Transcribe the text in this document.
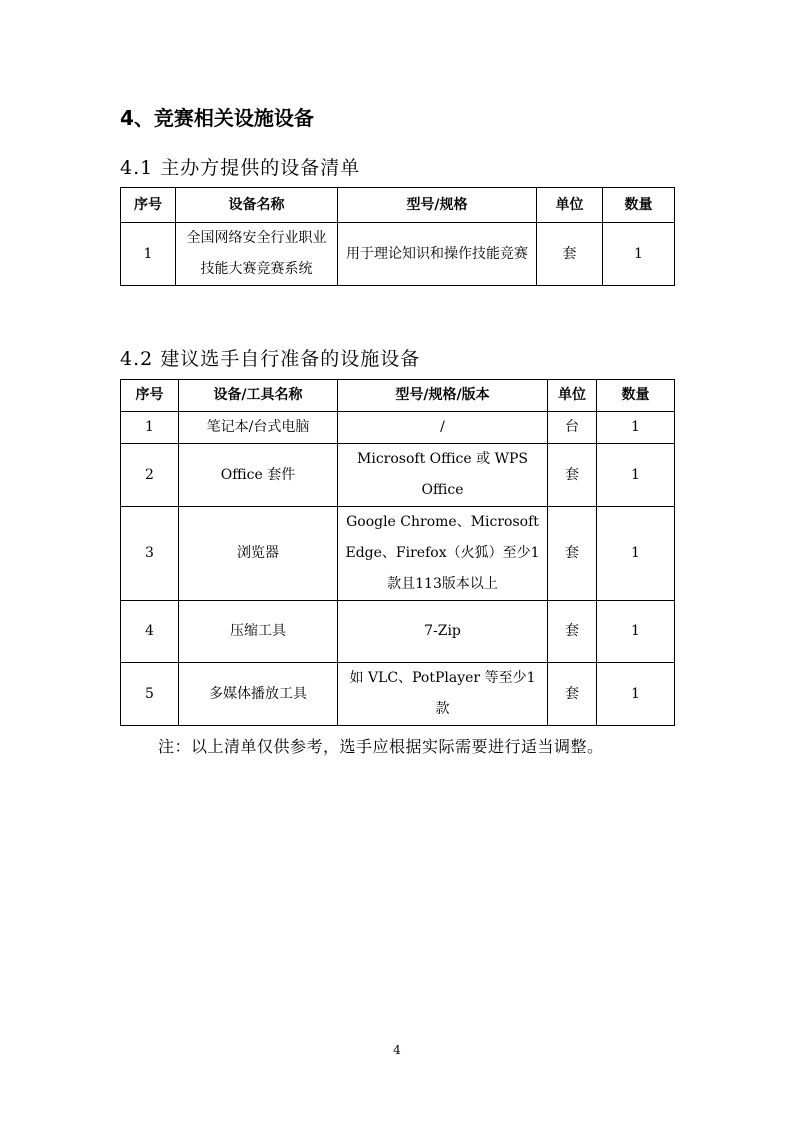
4、竞赛相关设施设备
4.1 主办方提供的设备清单
序号	设备名称	型号/规格	单位	数量
1	全国网络安全行业职业技能大赛竞赛系统	用于理论知识和操作技能竞赛	套	1
4.2 建议选手自行准备的设施设备
序号	设备/工具名称	型号/规格/版本	单位	数量
1	笔记本/台式电脑	/	台	1
2	Office 套件	Microsoft Office 或 WPS Office	套	1
3	浏览器	Google Chrome、Microsoft Edge、Firefox（火狐）至少1款且113版本以上	套	1
4	压缩工具	7-Zip	套	1
5	多媒体播放工具	如 VLC、PotPlayer 等至少1款	套	1
注：以上清单仅供参考，选手应根据实际需要进行适当调整。
4
